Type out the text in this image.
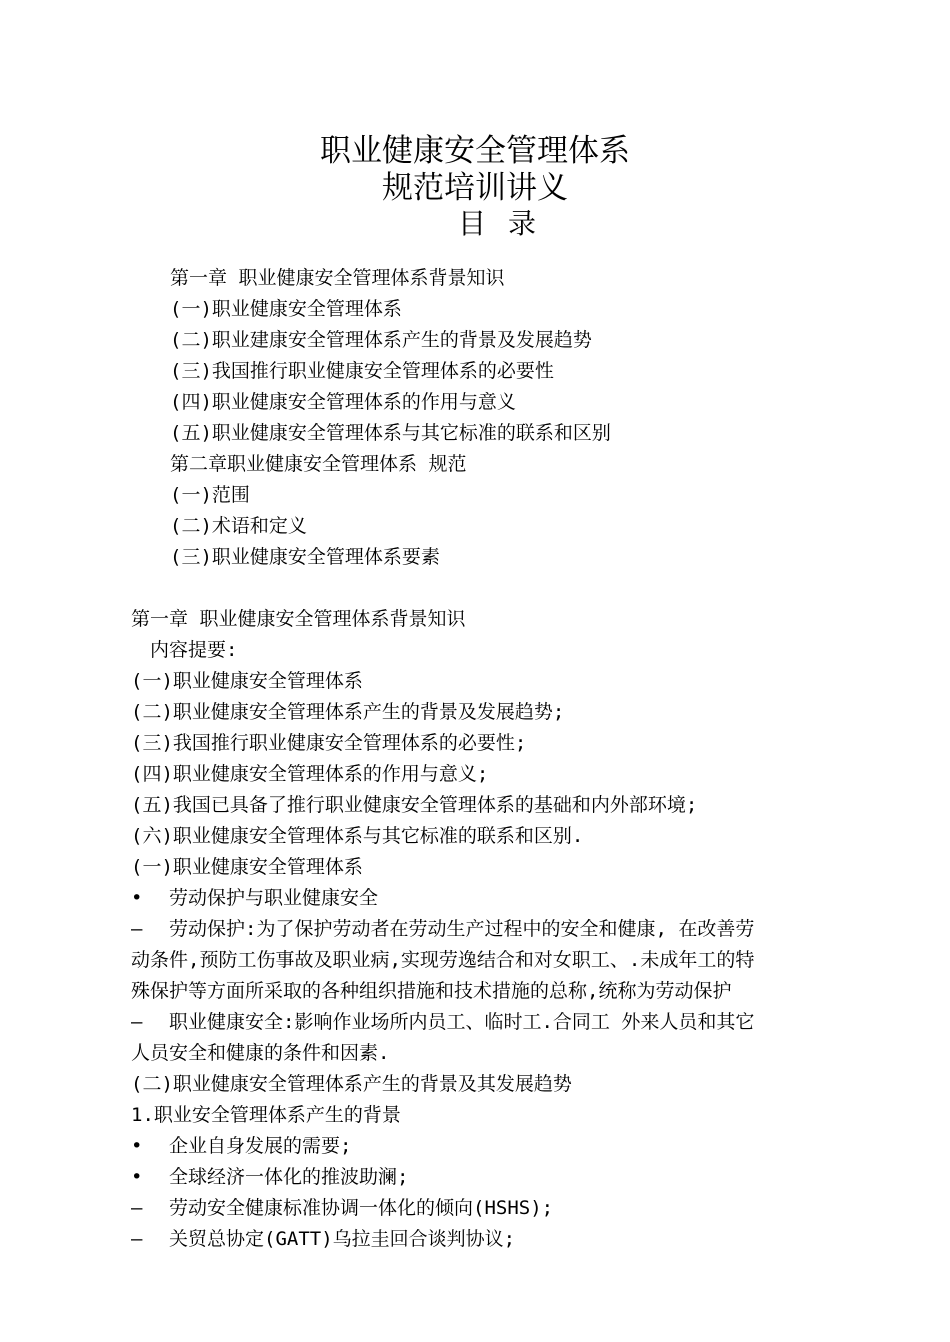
职业健康安全管理体系
规范培训讲义
目录

第一章 职业健康安全管理体系背景知识

(一)职业健康安全管理体系

(二)职业建康安全管理体系产生的背景及发展趋势

(三)我国推行职业健康安全管理体系的必要性

(四)职业健康安全管理体系的作用与意义

(五)职业健康安全管理体系与其它标准的联系和区别

第二章职业健康安全管理体系 规范

(一)范围

(二)术语和定义

(三)职业健康安全管理体系要素

第一章 职业健康安全管理体系背景知识

内容提要:

(一)职业健康安全管理体系

(二)职业健康安全管理体系产生的背景及发展趋势;

(三)我国推行职业健康安全管理体系的必要性;

(四)职业健康安全管理体系的作用与意义;

(五)我国已具备了推行职业健康安全管理体系的基础和内外部环境;

(六)职业健康安全管理体系与其它标准的联系和区别.

(一)职业健康安全管理体系

• 劳动保护与职业健康安全

– 劳动保护:为了保护劳动者在劳动生产过程中的安全和健康, 在改善劳

动条件,预防工伤事故及职业病,实现劳逸结合和对女职工、.未成年工的特

殊保护等方面所采取的各种组织措施和技术措施的总称,统称为劳动保护

– 职业健康安全:影响作业场所内员工、临时工.合同工 外来人员和其它

人员安全和健康的条件和因素.

(二)职业健康安全管理体系产生的背景及其发展趋势

1.职业安全管理体系产生的背景

• 企业自身发展的需要;

• 全球经济一体化的推波助澜;

– 劳动安全健康标准协调一体化的倾向(HSHS);

– 关贸总协定(GATT)乌拉圭回合谈判协议;
